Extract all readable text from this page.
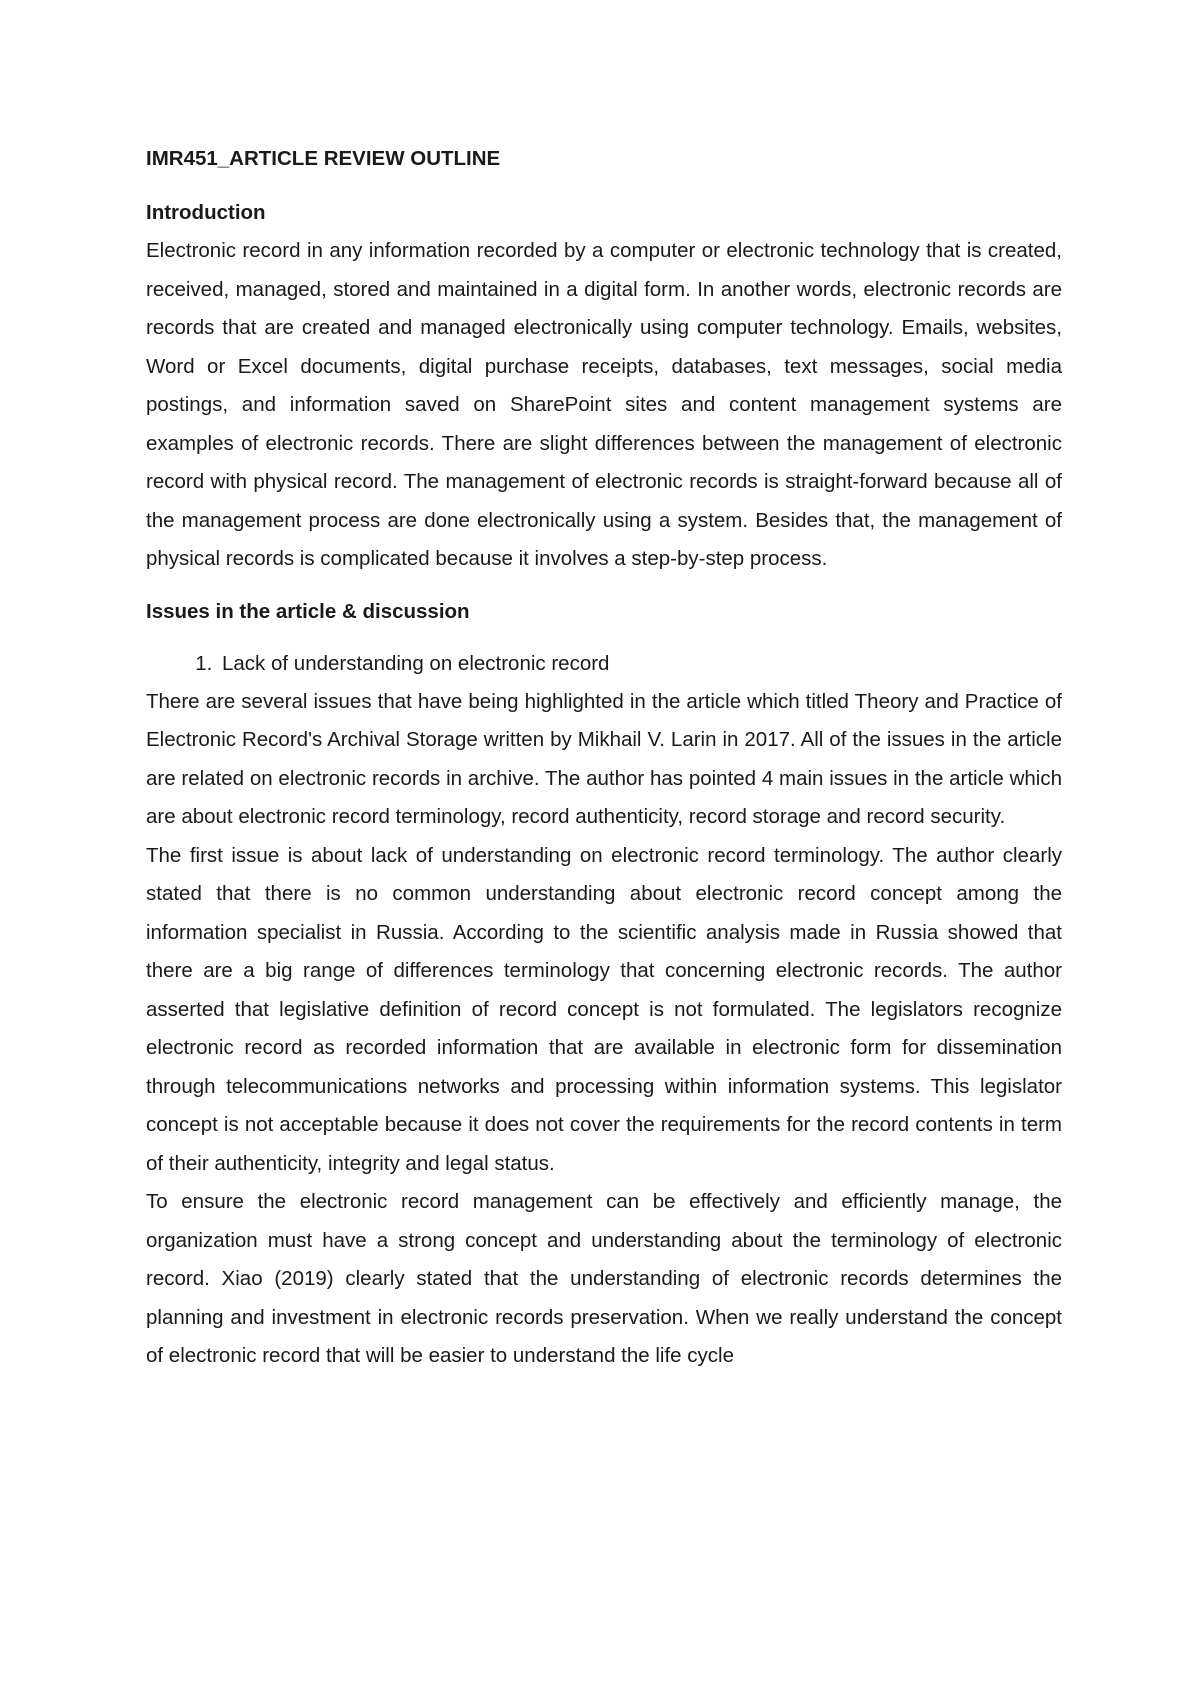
IMR451_ARTICLE REVIEW OUTLINE
Introduction

Electronic record in any information recorded by a computer or electronic technology that is created, received, managed, stored and maintained in a digital form. In another words, electronic records are records that are created and managed electronically using computer technology. Emails, websites, Word or Excel documents, digital purchase receipts, databases, text messages, social media postings, and information saved on SharePoint sites and content management systems are examples of electronic records. There are slight differences between the management of electronic record with physical record. The management of electronic records is straight-forward because all of the management process are done electronically using a system. Besides that, the management of physical records is complicated because it involves a step-by-step process.

Issues in the article & discussion
1. Lack of understanding on electronic record

There are several issues that have being highlighted in the article which titled Theory and Practice of Electronic Record's Archival Storage written by Mikhail V. Larin in 2017. All of the issues in the article are related on electronic records in archive. The author has pointed 4 main issues in the article which are about electronic record terminology, record authenticity, record storage and record security.

The first issue is about lack of understanding on electronic record terminology. The author clearly stated that there is no common understanding about electronic record concept among the information specialist in Russia. According to the scientific analysis made in Russia showed that there are a big range of differences terminology that concerning electronic records. The author asserted that legislative definition of record concept is not formulated. The legislators recognize electronic record as recorded information that are available in electronic form for dissemination through telecommunications networks and processing within information systems. This legislator concept is not acceptable because it does not cover the requirements for the record contents in term of their authenticity, integrity and legal status.

To ensure the electronic record management can be effectively and efficiently manage, the organization must have a strong concept and understanding about the terminology of electronic record. Xiao (2019) clearly stated that the understanding of electronic records determines the planning and investment in electronic records preservation. When we really understand the concept of electronic record that will be easier to understand the life cycle
